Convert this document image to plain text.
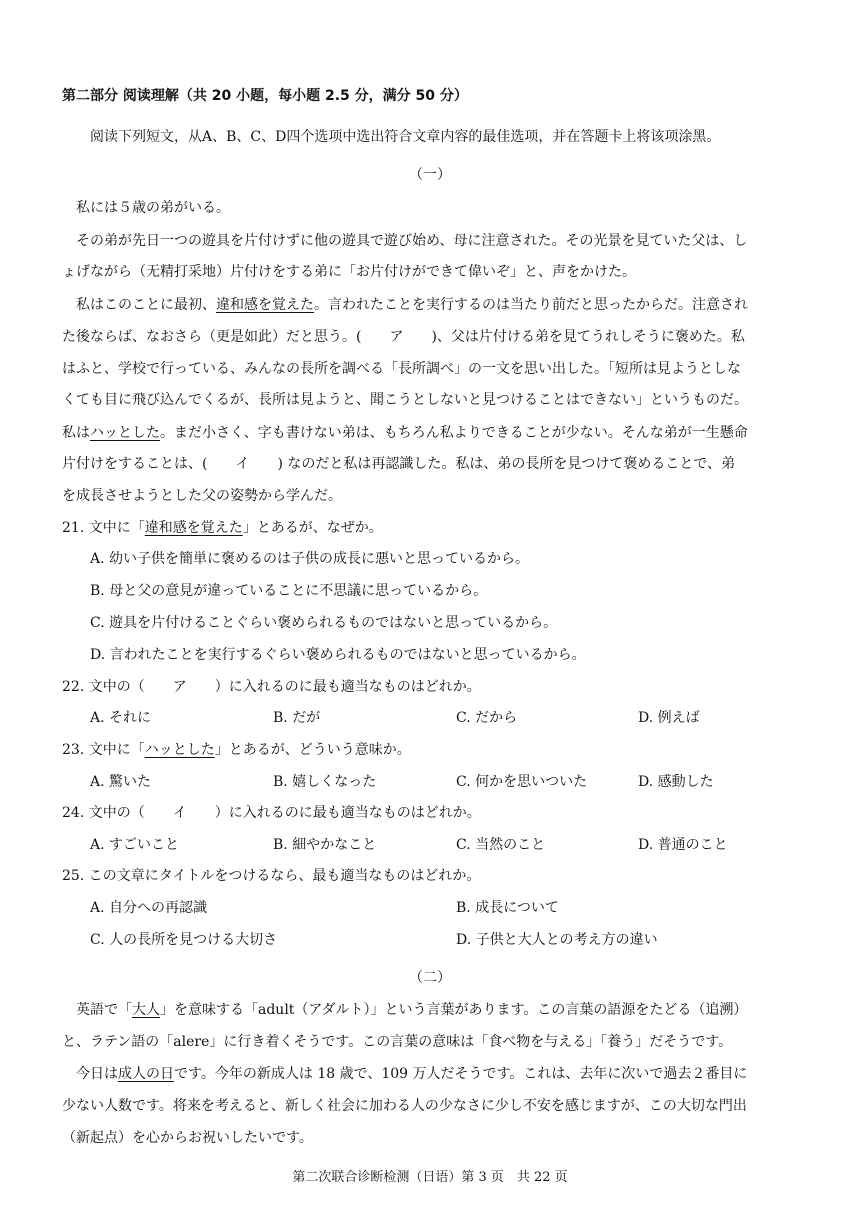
第二部分 阅读理解（共 20 小题，每小题 2.5 分，满分 50 分）
阅读下列短文，从A、B、C、D四个选项中选出符合文章内容的最佳选项，并在答题卡上将该项涂黑。
（一）
私には５歳の弟がいる。
その弟が先日一つの遊具を片付けずに他の遊具で遊び始め、母に注意された。その光景を見ていた父は、し
ょげながら（无精打采地）片付けをする弟に「お片付けができて偉いぞ」と、声をかけた。
私はこのことに最初、違和感を覚えた。言われたことを実行するのは当たり前だと思ったからだ。注意され
た後ならば、なおさら（更是如此）だと思う。(　　ア　　)、父は片付ける弟を見てうれしそうに褒めた。私
はふと、学校で行っている、みんなの長所を調べる「長所調べ」の一文を思い出した。「短所は見ようとしな
くても目に飛び込んでくるが、長所は見ようと、聞こうとしないと見つけることはできない」というものだ。
私はハッとした。まだ小さく、字も書けない弟は、もちろん私よりできることが少ない。そんな弟が一生懸命
片付けをすることは、(　　イ　　) なのだと私は再認識した。私は、弟の長所を見つけて褒めることで、弟
を成長させようとした父の姿勢から学んだ。
21. 文中に「違和感を覚えた」とあるが、なぜか。
A. 幼い子供を簡単に褒めるのは子供の成長に悪いと思っているから。
B. 母と父の意見が違っていることに不思議に思っているから。
C. 遊具を片付けることぐらい褒められるものではないと思っているから。
D. 言われたことを実行するぐらい褒められるものではないと思っているから。
22. 文中の（　　ア　　）に入れるのに最も適当なものはどれか。
A. それに	B. だが	C. だから	D. 例えば
23. 文中に「ハッとした」とあるが、どういう意味か。
A. 驚いた	B. 嬉しくなった	C. 何かを思いついた	D. 感動した
24. 文中の（　　イ　　）に入れるのに最も適当なものはどれか。
A. すごいこと	B. 細やかなこと	C. 当然のこと	D. 普通のこと
25. この文章にタイトルをつけるなら、最も適当なものはどれか。
A. 自分への再認識	B. 成長について
C. 人の長所を見つける大切さ	D. 子供と大人との考え方の違い
（二）
英語で「大人」を意味する「adult（アダルト）」という言葉があります。この言葉の語源をたどる（追溯）
と、ラテン語の「alere」に行き着くそうです。この言葉の意味は「食べ物を与える」「養う」だそうです。
今日は成人の日です。今年の新成人は 18 歳で、109 万人だそうです。これは、去年に次いで過去２番目に
少ない人数です。将来を考えると、新しく社会に加わる人の少なさに少し不安を感じますが、この大切な門出
（新起点）を心からお祝いしたいです。
第二次联合诊断检测（日语）第 3 页　共 22 页
